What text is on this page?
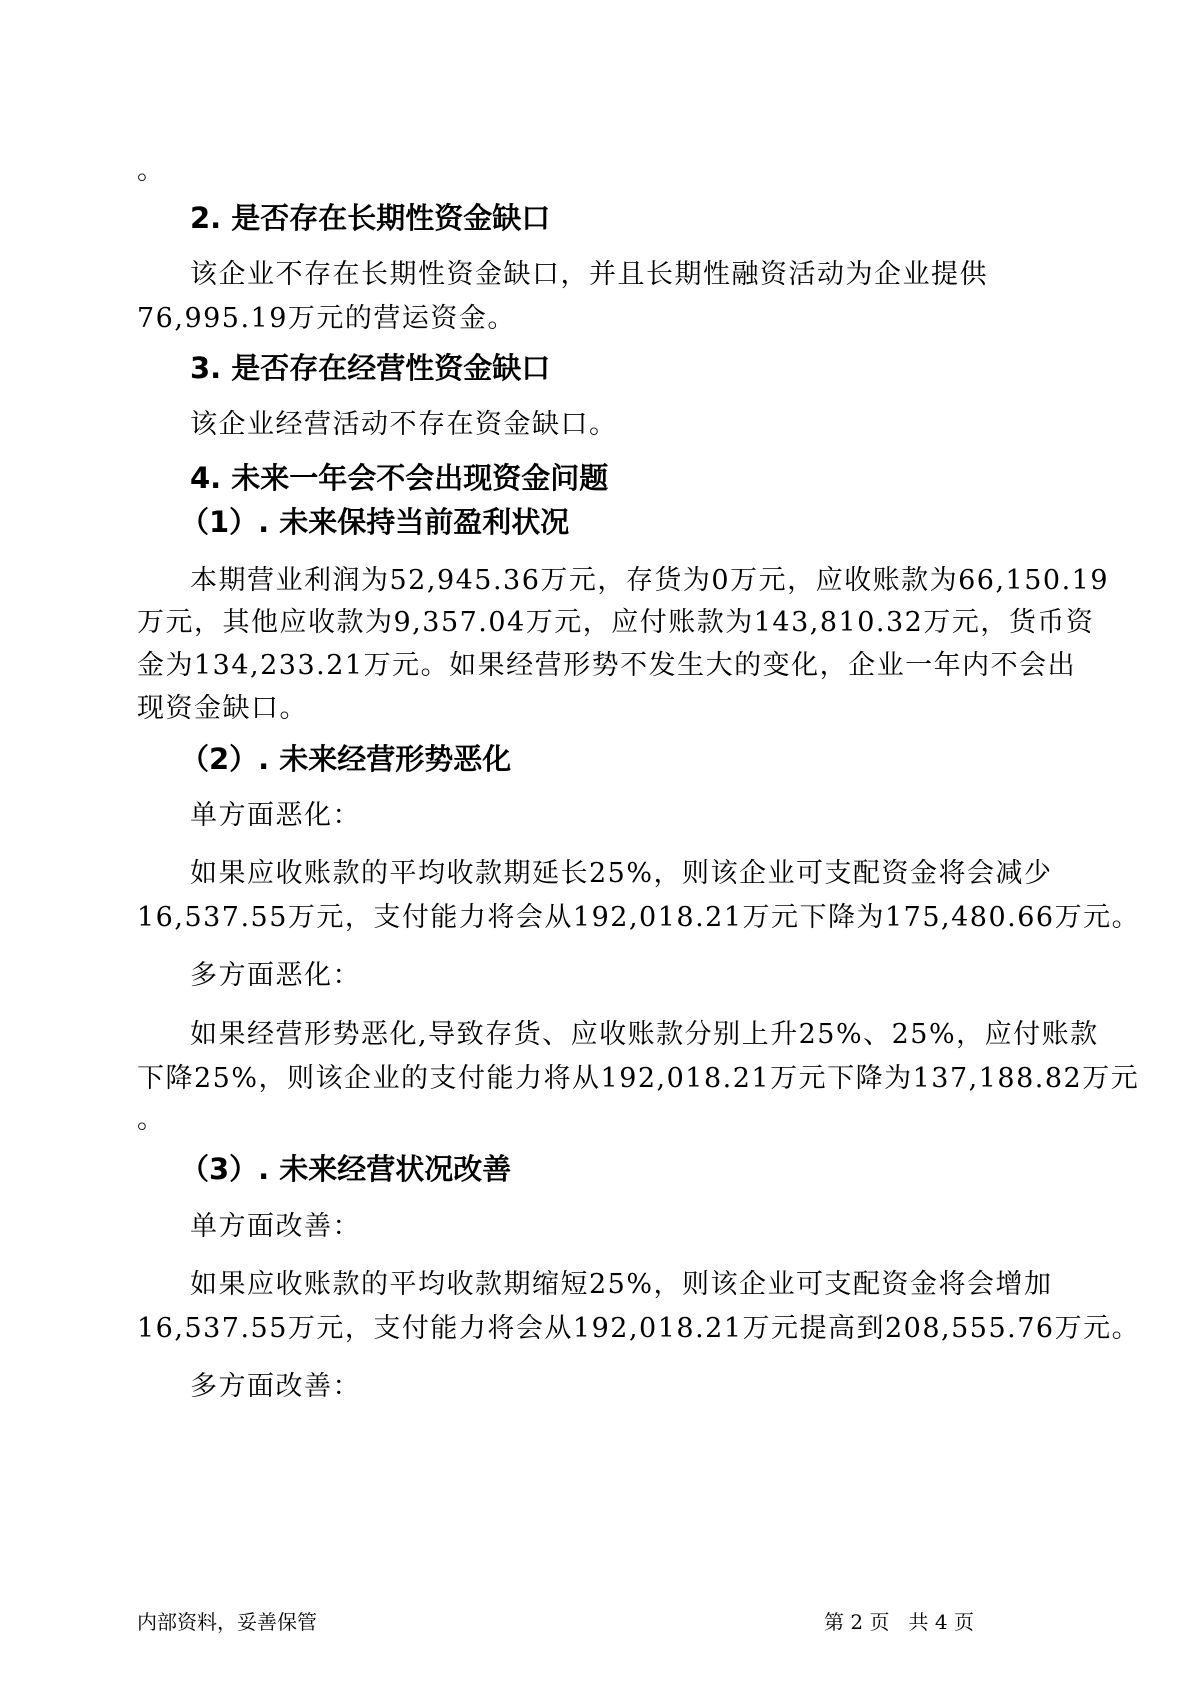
。

2. 是否存在长期性资金缺口

该企业不存在长期性资金缺口，并且长期性融资活动为企业提供

76,995.19万元的营运资金。

3. 是否存在经营性资金缺口

该企业经营活动不存在资金缺口。

4. 未来一年会不会出现资金问题
（1）. 未来保持当前盈利状况

本期营业利润为52,945.36万元，存货为0万元，应收账款为66,150.19

万元，其他应收款为9,357.04万元，应付账款为143,810.32万元，货币资

金为134,233.21万元。如果经营形势不发生大的变化，企业一年内不会出

现资金缺口。

（2）. 未来经营形势恶化

单方面恶化：

如果应收账款的平均收款期延长25%，则该企业可支配资金将会减少

16,537.55万元，支付能力将会从192,018.21万元下降为175,480.66万元。

多方面恶化：

如果经营形势恶化,导致存货、应收账款分别上升25%、25%，应付账款

下降25%，则该企业的支付能力将从192,018.21万元下降为137,188.82万元

。

（3）. 未来经营状况改善

单方面改善：

如果应收账款的平均收款期缩短25%，则该企业可支配资金将会增加

16,537.55万元，支付能力将会从192,018.21万元提高到208,555.76万元。

多方面改善：

内部资料，妥善保管	第 2 页   共 4 页
